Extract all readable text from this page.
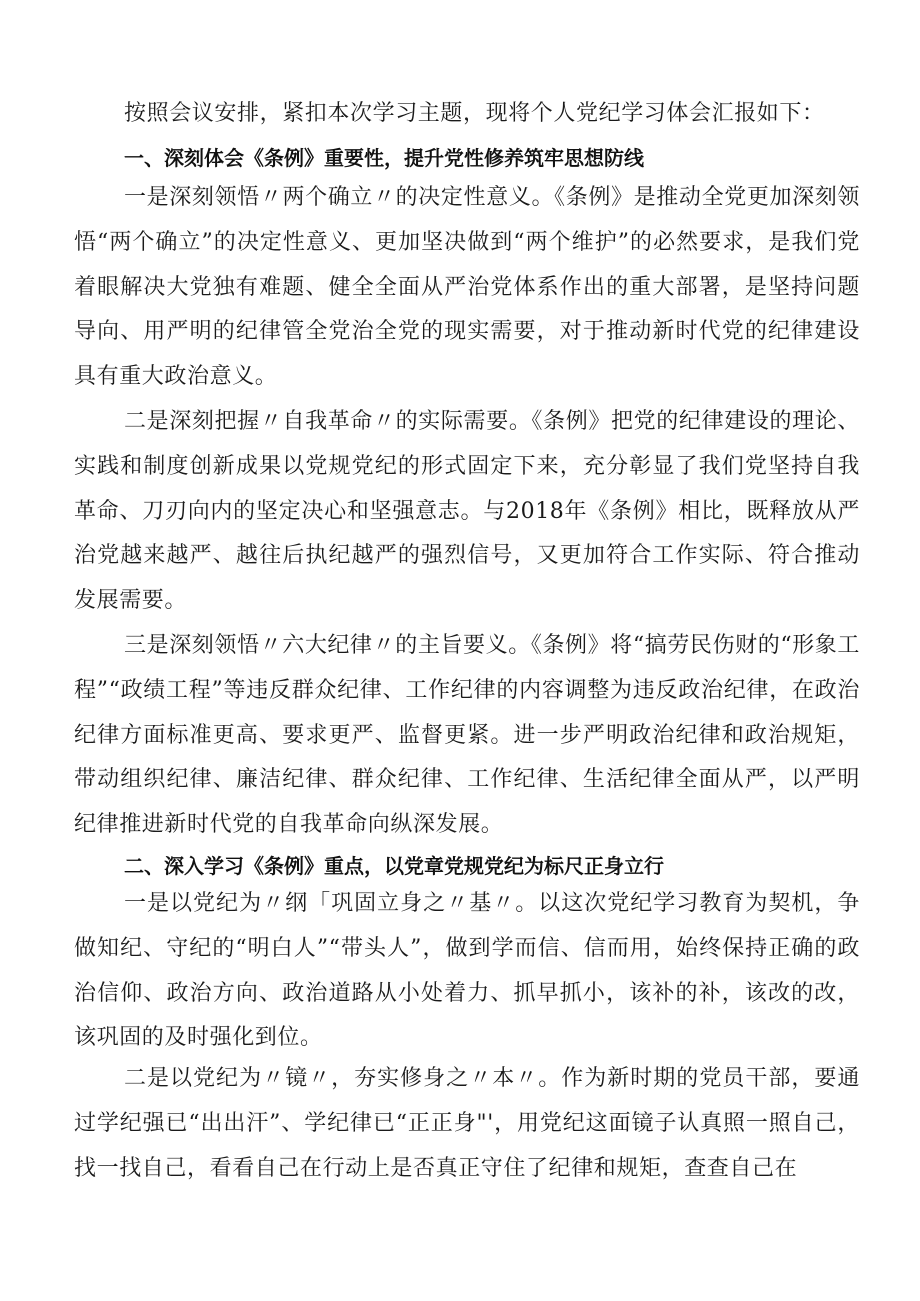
按照会议安排，紧扣本次学习主题，现将个人党纪学习体会汇报如下：

一、深刻体会《条例》重要性，提升党性修养筑牢思想防线

一是深刻领悟〃两个确立〃的决定性意义。《条例》是推动全党更加深刻领悟“两个确立”的决定性意义、更加坚决做到“两个维护”的必然要求，是我们党着眼解决大党独有难题、健全全面从严治党体系作出的重大部署，是坚持问题导向、用严明的纪律管全党治全党的现实需要，对于推动新时代党的纪律建设具有重大政治意义。

二是深刻把握〃自我革命〃的实际需要。《条例》把党的纪律建设的理论、实践和制度创新成果以党规党纪的形式固定下来，充分彰显了我们党坚持自我革命、刀刃向内的坚定决心和坚强意志。与2018年《条例》相比，既释放从严治党越来越严、越往后执纪越严的强烈信号，又更加符合工作实际、符合推动发展需要。

三是深刻领悟〃六大纪律〃的主旨要义。《条例》将“搞劳民伤财的“形象工程”“政绩工程”等违反群众纪律、工作纪律的内容调整为违反政治纪律，在政治纪律方面标准更高、要求更严、监督更紧。进一步严明政治纪律和政治规矩，带动组织纪律、廉洁纪律、群众纪律、工作纪律、生活纪律全面从严，以严明纪律推进新时代党的自我革命向纵深发展。

二、深入学习《条例》重点，以党章党规党纪为标尺正身立行

一是以党纪为〃纲「巩固立身之〃基〃。以这次党纪学习教育为契机，争做知纪、守纪的“明白人”“带头人”，做到学而信、信而用，始终保持正确的政治信仰、政治方向、政治道路从小处着力、抓早抓小，该补的补，该改的改，该巩固的及时强化到位。

二是以党纪为〃镜〃，夯实修身之〃本〃。作为新时期的党员干部，要通过学纪强已“出出汗”、学纪律已“正正身"'，用党纪这面镜子认真照一照自己，找一找自己，看看自己在行动上是否真正守住了纪律和规矩，查查自己在
